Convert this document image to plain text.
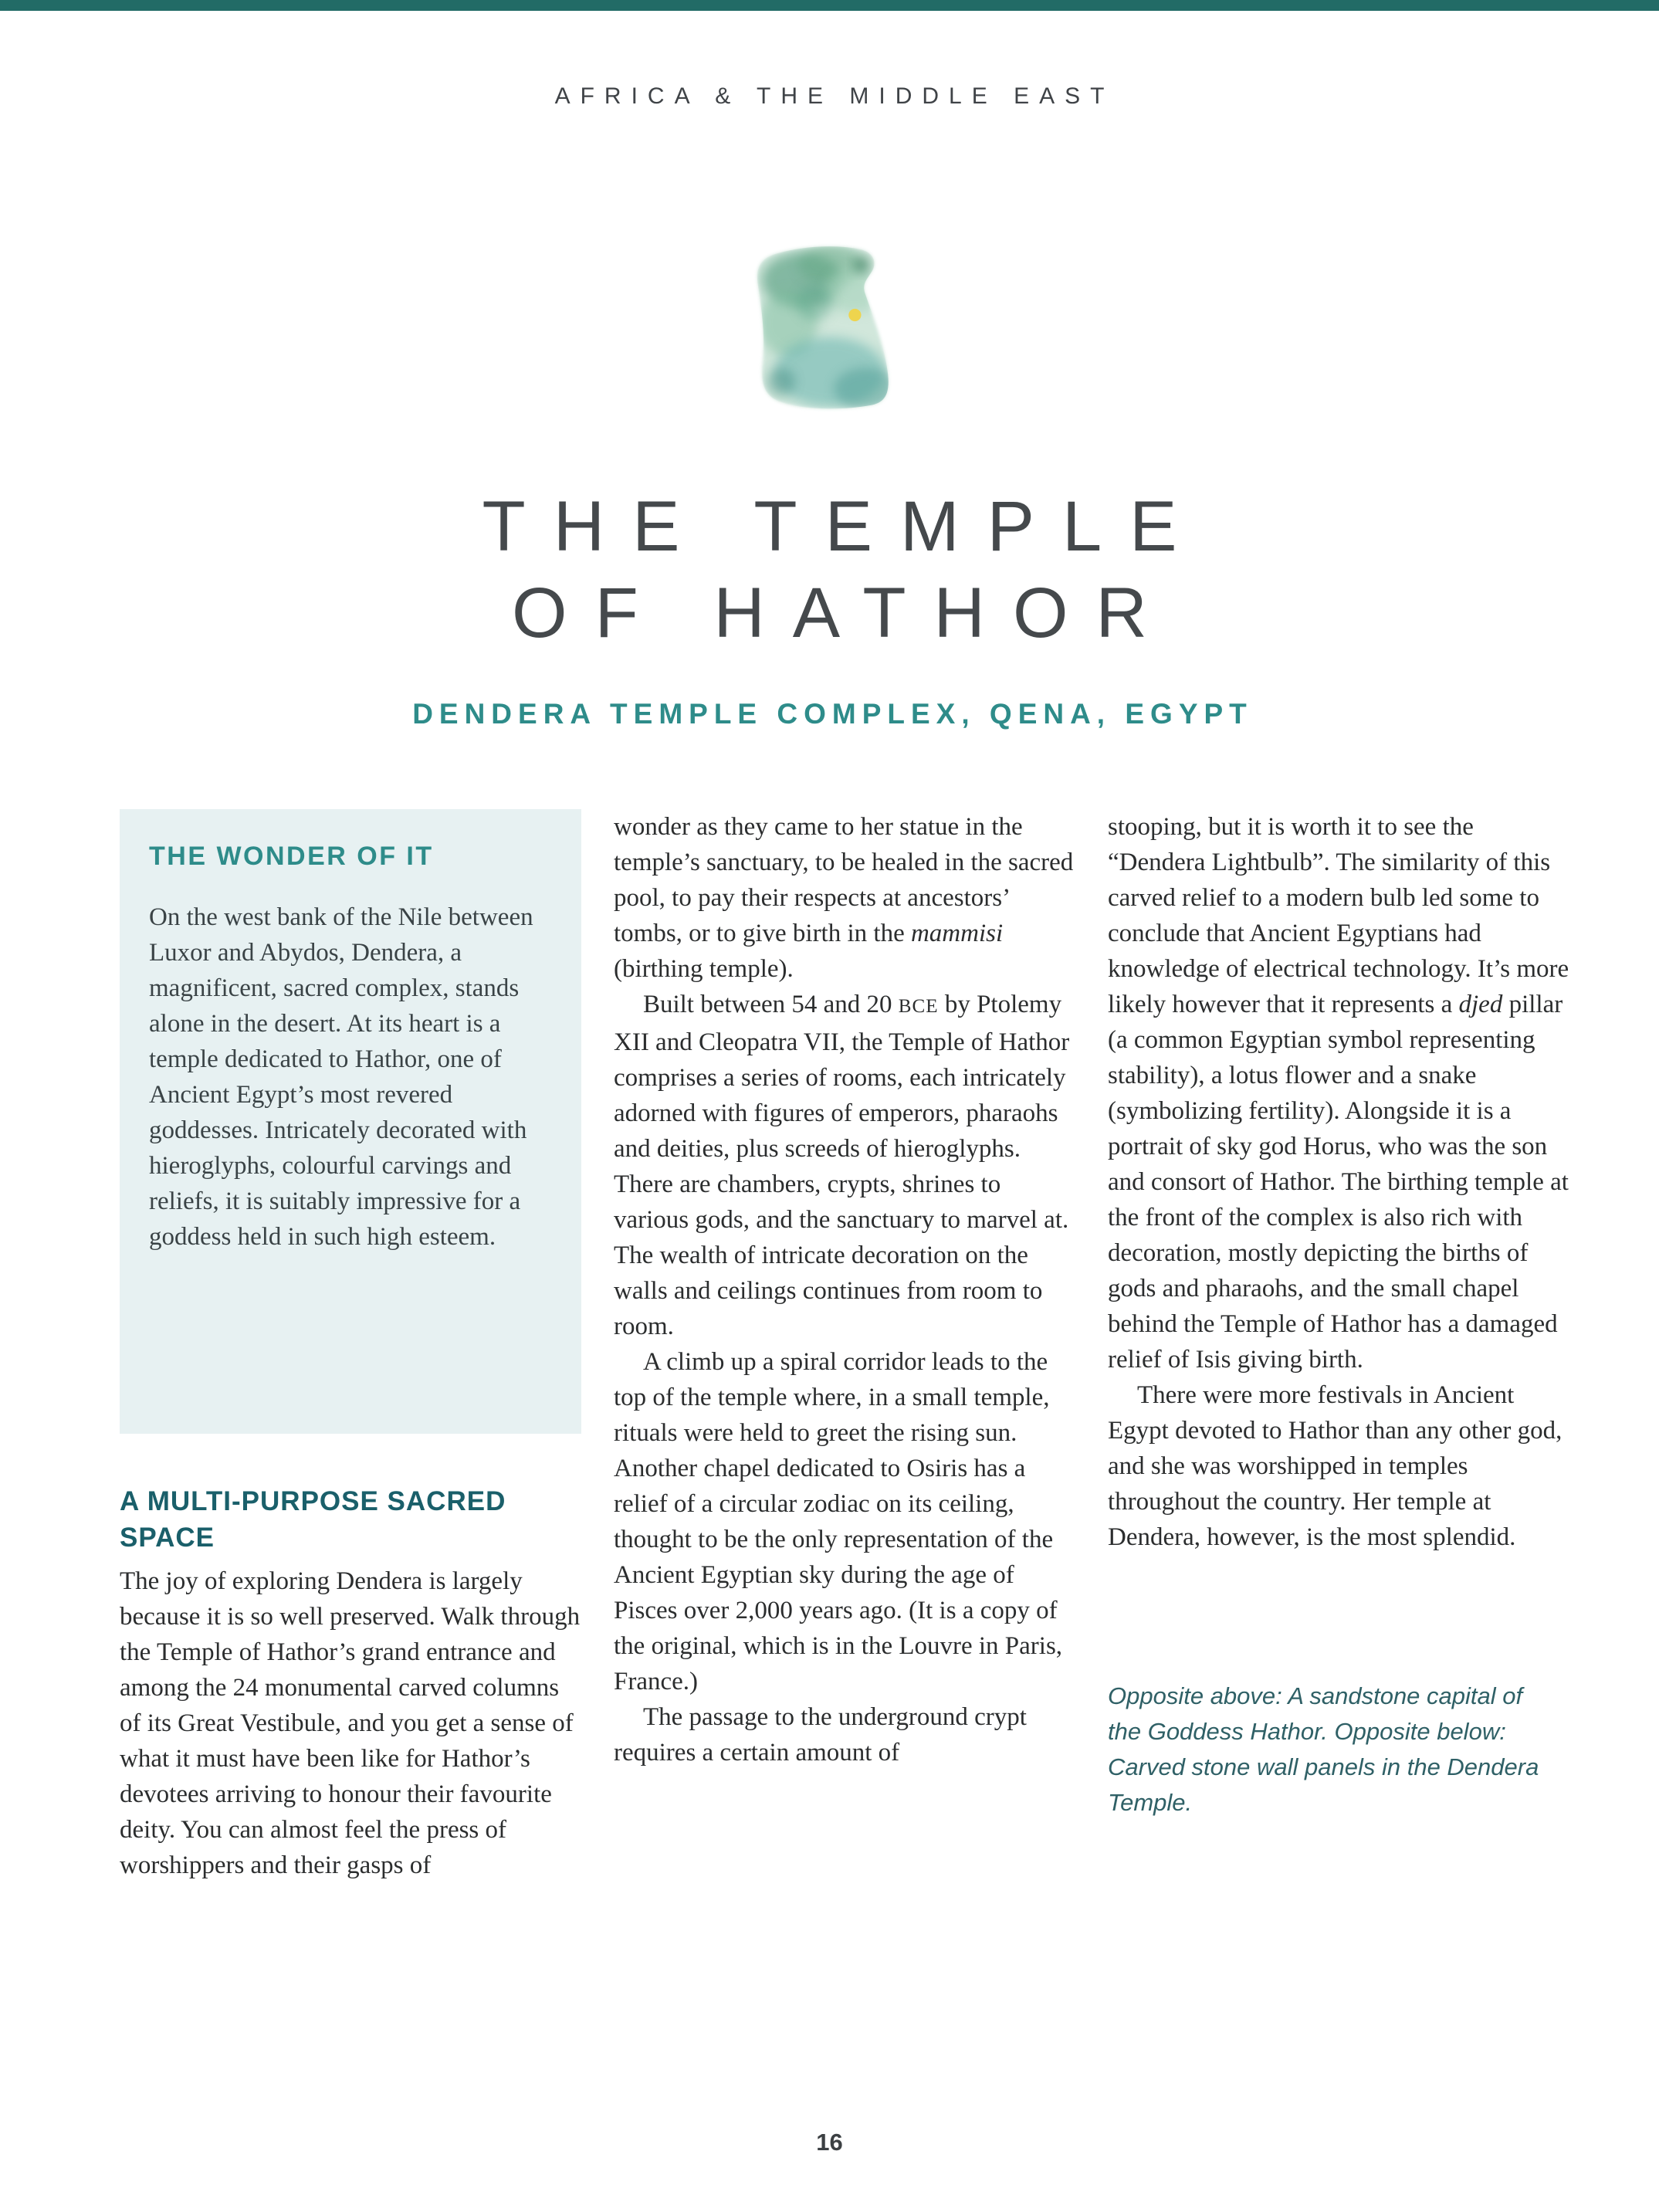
AFRICA & THE MIDDLE EAST
THE TEMPLE
OF HATHOR
DENDERA TEMPLE COMPLEX, QENA, EGYPT
THE WONDER OF IT

On the west bank of the Nile between Luxor and Abydos, Dendera, a magnificent, sacred complex, stands alone in the desert. At its heart is a temple dedicated to Hathor, one of Ancient Egypt’s most revered goddesses. Intricately decorated with hieroglyphs, colourful carvings and reliefs, it is suitably impressive for a goddess held in such high esteem.

A MULTI-PURPOSE SACRED SPACE

The joy of exploring Dendera is largely because it is so well preserved. Walk through the Temple of Hathor’s grand entrance and among the 24 monumental carved columns of its Great Vestibule, and you get a sense of what it must have been like for Hathor’s devotees arriving to honour their favourite deity. You can almost feel the press of worshippers and their gasps of

wonder as they came to her statue in the temple’s sanctuary, to be healed in the sacred pool, to pay their respects at ancestors’ tombs, or to give birth in the mammisi (birthing temple).

Built between 54 and 20 BCE by Ptolemy XII and Cleopatra VII, the Temple of Hathor comprises a series of rooms, each intricately adorned with figures of emperors, pharaohs and deities, plus screeds of hieroglyphs. There are chambers, crypts, shrines to various gods, and the sanctuary to marvel at. The wealth of intricate decoration on the walls and ceilings continues from room to room.

A climb up a spiral corridor leads to the top of the temple where, in a small temple, rituals were held to greet the rising sun. Another chapel dedicated to Osiris has a relief of a circular zodiac on its ceiling, thought to be the only representation of the Ancient Egyptian sky during the age of Pisces over 2,000 years ago. (It is a copy of the original, which is in the Louvre in Paris, France.)

The passage to the underground crypt requires a certain amount of

stooping, but it is worth it to see the “Dendera Lightbulb”. The similarity of this carved relief to a modern bulb led some to conclude that Ancient Egyptians had knowledge of electrical technology. It’s more likely however that it represents a djed pillar (a common Egyptian symbol representing stability), a lotus flower and a snake (symbolizing fertility). Alongside it is a portrait of sky god Horus, who was the son and consort of Hathor. The birthing temple at the front of the complex is also rich with decoration, mostly depicting the births of gods and pharaohs, and the small chapel behind the Temple of Hathor has a damaged relief of Isis giving birth.

There were more festivals in Ancient Egypt devoted to Hathor than any other god, and she was worshipped in temples throughout the country. Her temple at Dendera, however, is the most splendid.

Opposite above: A sandstone capital of the Goddess Hathor. Opposite below: Carved stone wall panels in the Dendera Temple.
16
